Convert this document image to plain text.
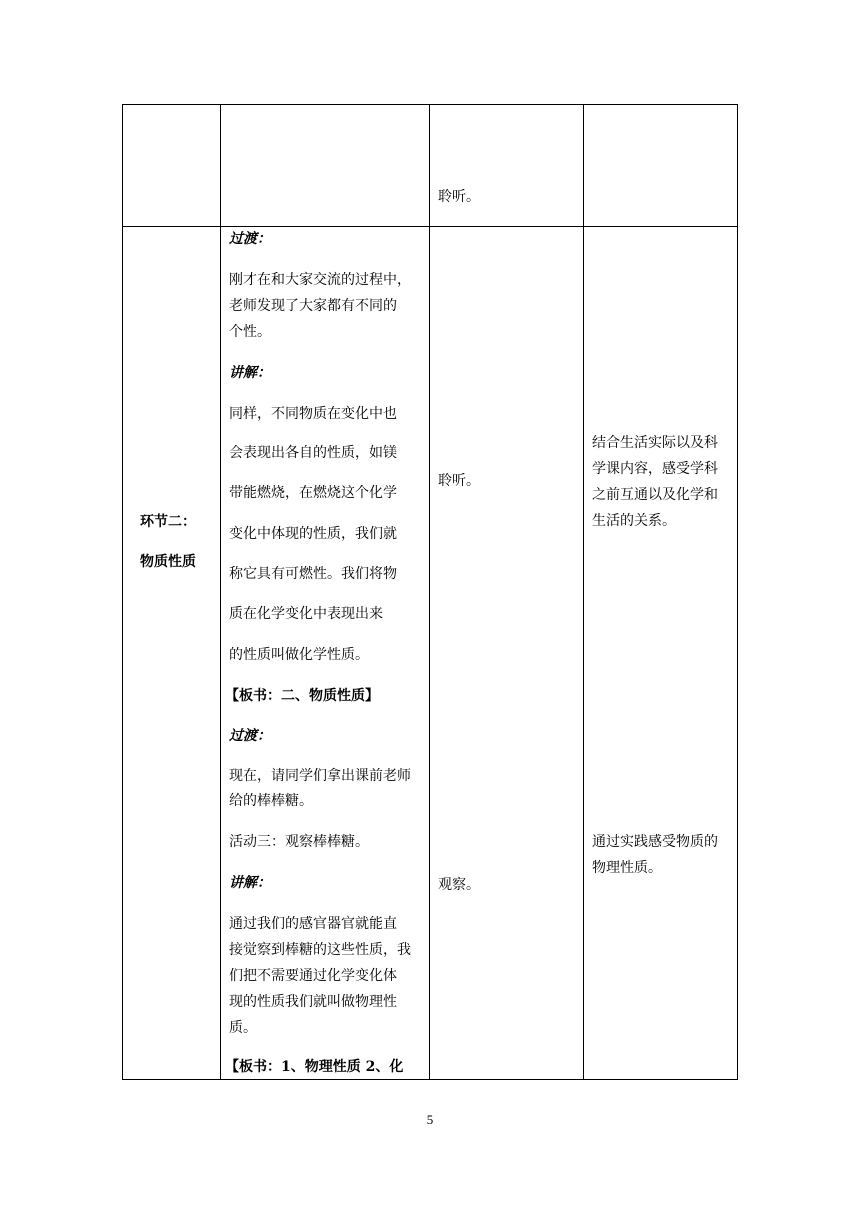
聆听。
环节二：
物质性质
过渡：
刚才在和大家交流的过程中，
老师发现了大家都有不同的
个性。
讲解：
同样，不同物质在变化中也
会表现出各自的性质，如镁
带能燃烧，在燃烧这个化学
变化中体现的性质，我们就
称它具有可燃性。我们将物
质在化学变化中表现出来
的性质叫做化学性质。
【板书：二、物质性质】
过渡：
现在，请同学们拿出课前老师
给的棒棒糖。
活动三：观察棒棒糖。
讲解：
通过我们的感官器官就能直
接觉察到棒糖的这些性质，我
们把不需要通过化学变化体
现的性质我们就叫做物理性
质。
【板书：1、物理性质 2、化
聆听。
观察。
结合生活实际以及科
学课内容，感受学科
之前互通以及化学和
生活的关系。
通过实践感受物质的
物理性质。
5
